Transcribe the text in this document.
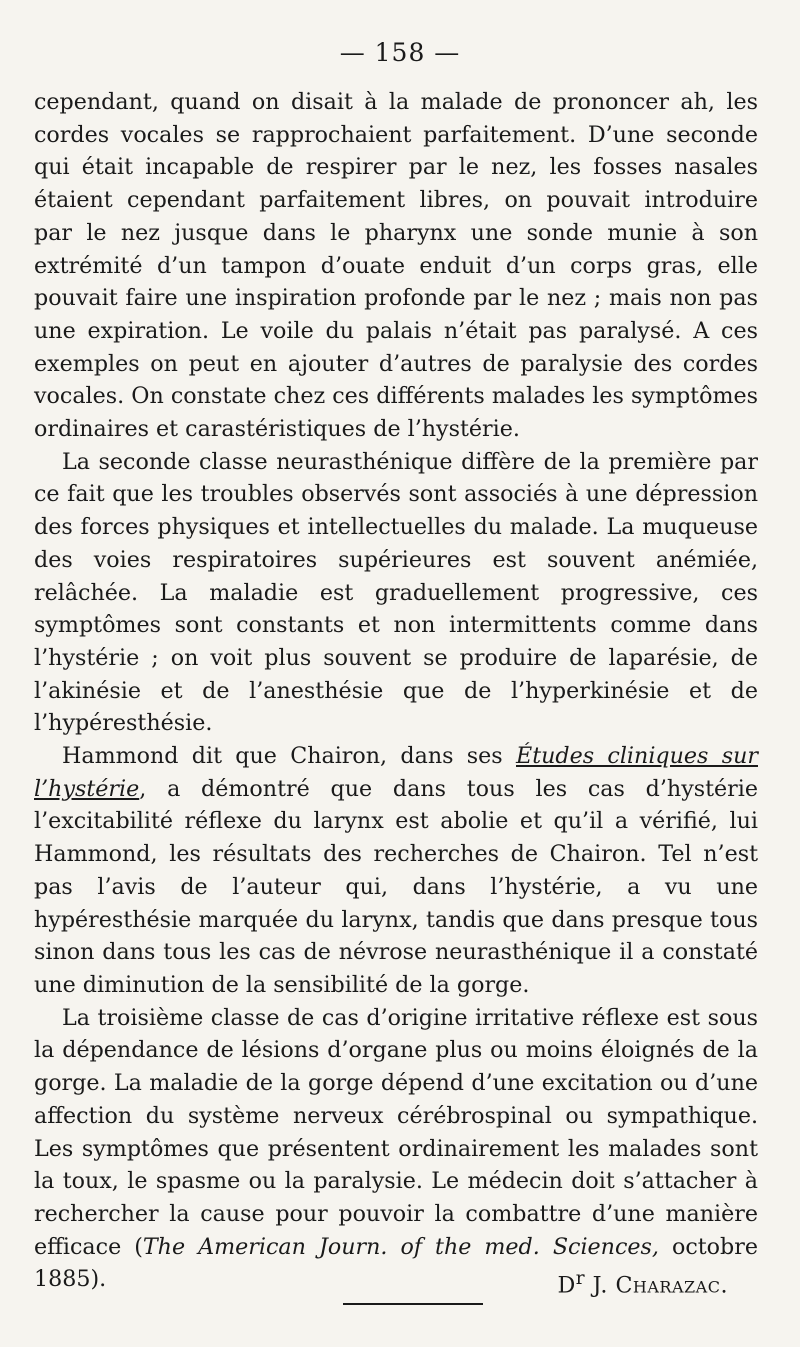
— 158 —

cependant, quand on disait à la malade de prononcer ah, les cordes vocales se rapprochaient parfaitement. D’une seconde qui était incapable de respirer par le nez, les fosses nasales étaient cependant parfaitement libres, on pouvait introduire par le nez jusque dans le pharynx une sonde munie à son extrémité d’un tampon d’ouate enduit d’un corps gras, elle pouvait faire une inspiration profonde par le nez ; mais non pas une expiration. Le voile du palais n’était pas paralysé. A ces exemples on peut en ajouter d’autres de paralysie des cordes vocales. On constate chez ces différents malades les symptômes ordinaires et carastéristiques de l’hystérie.

La seconde classe neurasthénique diffère de la première par ce fait que les troubles observés sont associés à une dépression des forces physiques et intellectuelles du malade. La muqueuse des voies respiratoires supérieures est souvent anémiée, relâchée. La maladie est graduellement progressive, ces symptômes sont constants et non intermittents comme dans l’hystérie ; on voit plus souvent se produire de laparésie, de l’akinésie et de l’anesthésie que de l’hyperkinésie et de l’hypéresthésie.

Hammond dit que Chairon, dans ses Études cliniques sur l’hystérie, a démontré que dans tous les cas d’hystérie l’excitabilité réflexe du larynx est abolie et qu’il a vérifié, lui Hammond, les résultats des recherches de Chairon. Tel n’est pas l’avis de l’auteur qui, dans l’hystérie, a vu une hypéresthésie marquée du larynx, tandis que dans presque tous sinon dans tous les cas de névrose neurasthénique il a constaté une diminution de la sensibilité de la gorge.

La troisième classe de cas d’origine irritative réflexe est sous la dépendance de lésions d’organe plus ou moins éloignés de la gorge. La maladie de la gorge dépend d’une excitation ou d’une affection du système nerveux cérébrospinal ou sympathique. Les symptômes que présentent ordinairement les malades sont la toux, le spasme ou la paralysie. Le médecin doit s’attacher à rechercher la cause pour pouvoir la combattre d’une manière efficace (The American Journ. of the med. Sciences, octobre 1885).	$D^r$ J. Charazac.
